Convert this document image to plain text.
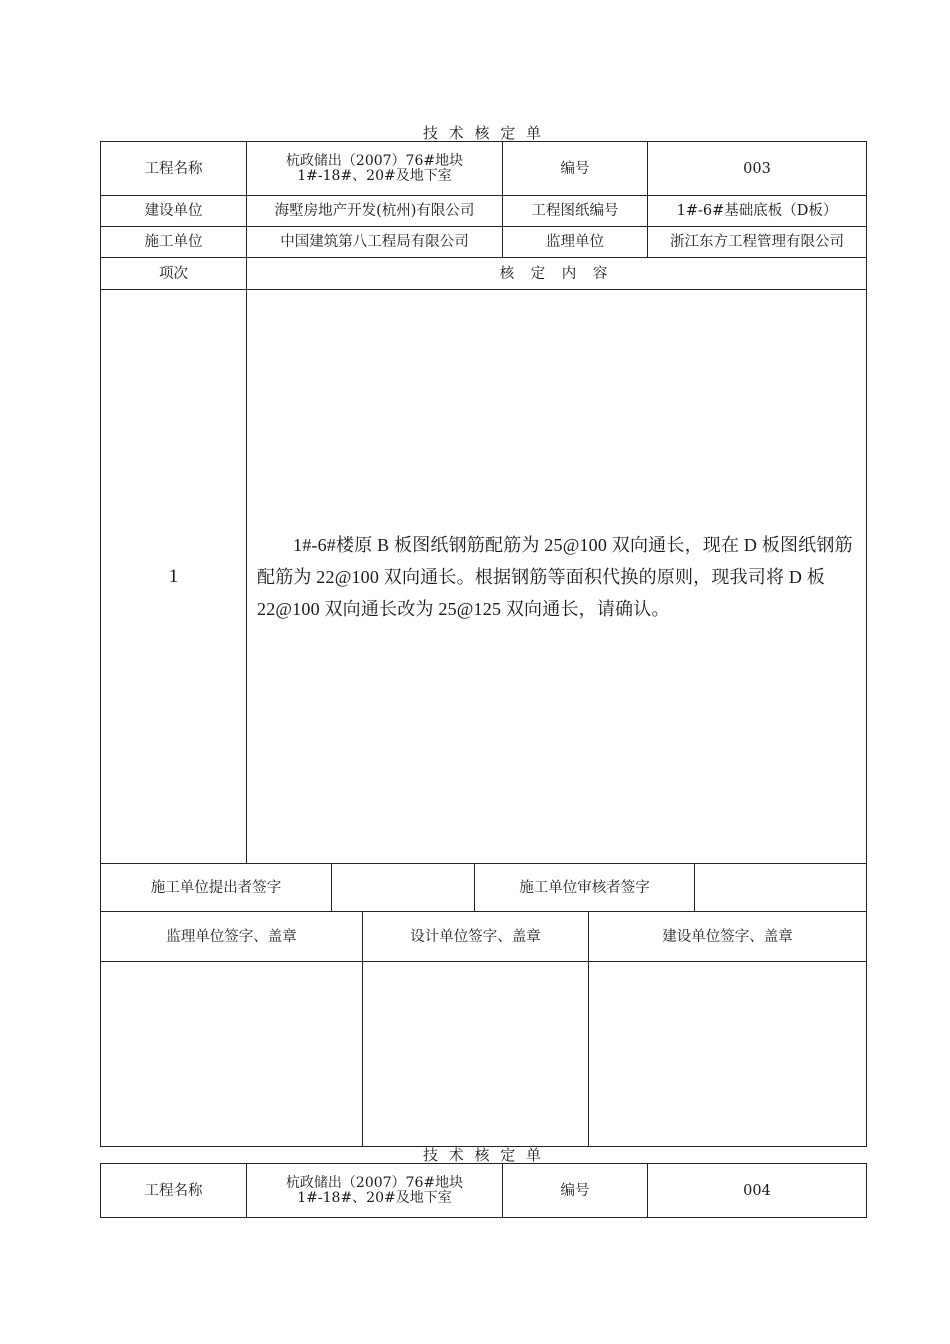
技 术 核 定 单
工程名称	杭政储出（2007）76#地块 1#-18#、20#及地下室	编号	003
建设单位	海墅房地产开发(杭州)有限公司	工程图纸编号	1#-6#基础底板（D板）
施工单位	中国建筑第八工程局有限公司	监理单位	浙江东方工程管理有限公司
项次	核 定 内 容
1

1#-6#楼原 B 板图纸钢筋配筋为 25@100 双向通长，现在 D 板图纸钢筋配筋为 22@100 双向通长。根据钢筋等面积代换的原则，现我司将 D 板 22@100 双向通长改为 25@125 双向通长，请确认。

施工单位提出者签字	施工单位审核者签字
监理单位签字、盖章	设计单位签字、盖章	建设单位签字、盖章
技 术 核 定 单
工程名称	杭政储出（2007）76#地块 1#-18#、20#及地下室	编号	004
